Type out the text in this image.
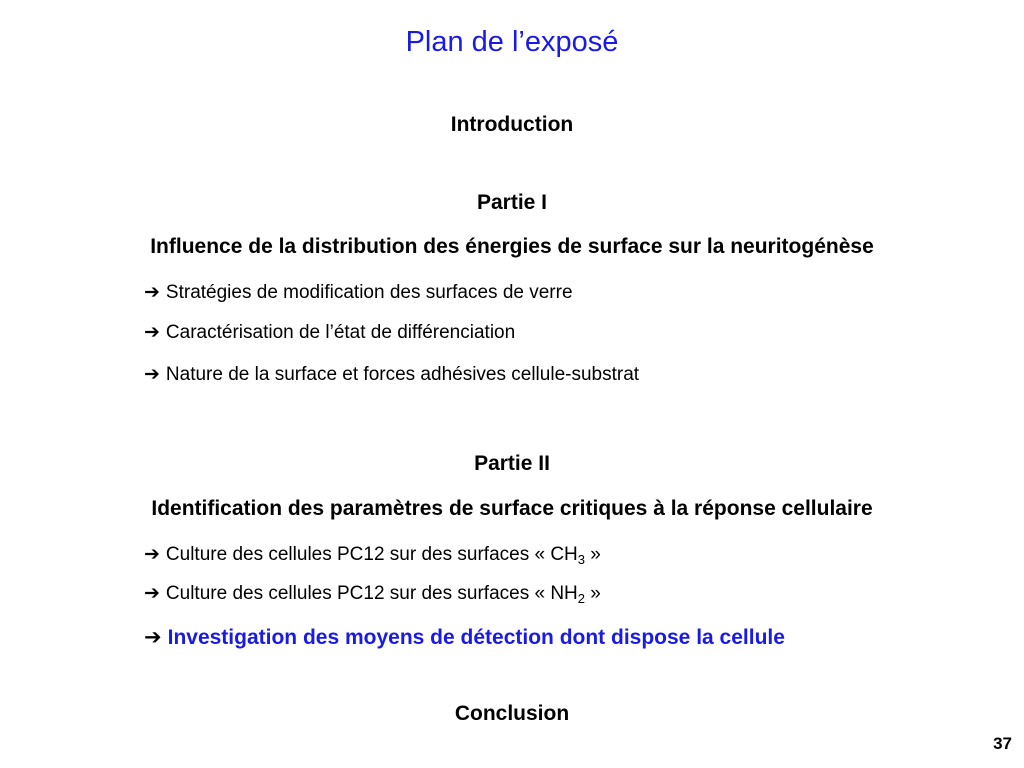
Plan de l’exposé

Introduction

Partie I

Influence de la distribution des énergies de surface sur la neuritogénèse

➔ Stratégies de modification des surfaces de verre

➔ Caractérisation de l’état de différenciation

➔ Nature de la surface et forces adhésives cellule-substrat

Partie II

Identification des paramètres de surface critiques à la réponse cellulaire

➔ Culture des cellules PC12 sur des surfaces « $CH_3$ »

➔ Culture des cellules PC12 sur des surfaces « $NH_2$ »

➔ Investigation des moyens de détection dont dispose la cellule

Conclusion

37
